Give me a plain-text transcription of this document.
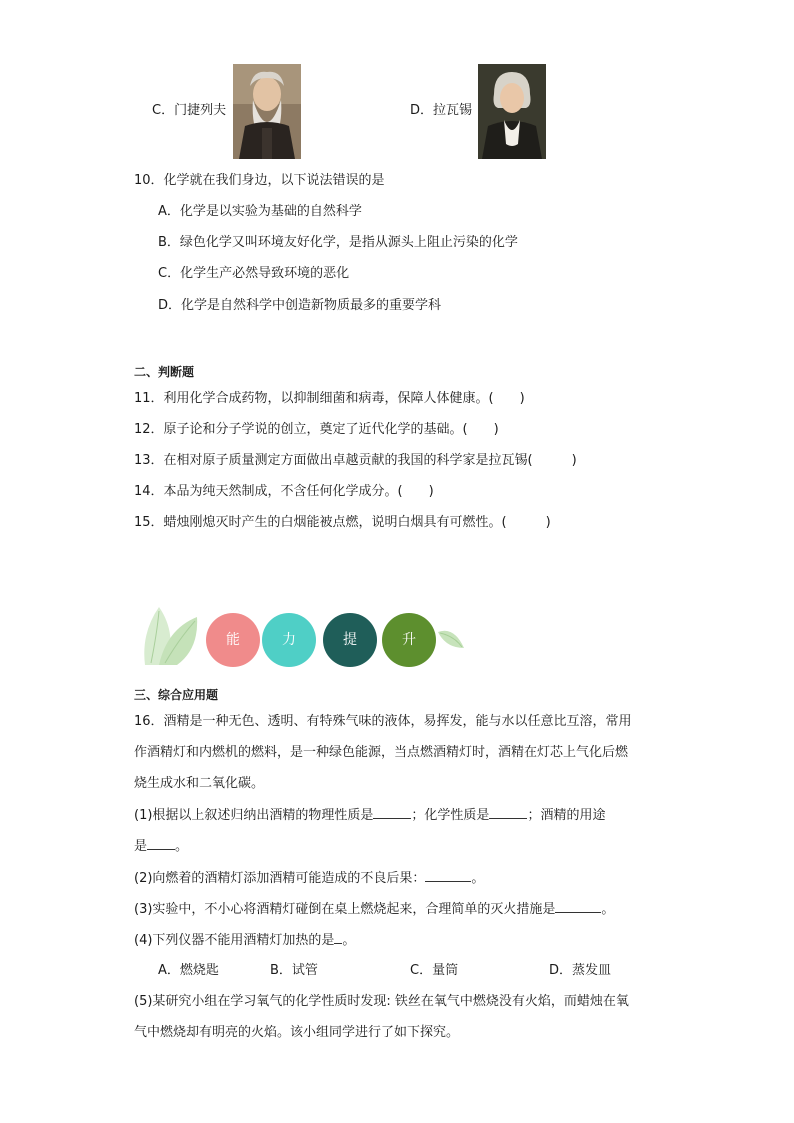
C．门捷列夫	D．拉瓦锡
10．化学就在我们身边，以下说法错误的是
A．化学是以实验为基础的自然科学
B．绿色化学又叫环境友好化学，是指从源头上阻止污染的化学
C．化学生产必然导致环境的恶化
D．化学是自然科学中创造新物质最多的重要学科
二、判断题
11．利用化学合成药物，以抑制细菌和病毒，保障人体健康。(　　)
12．原子论和分子学说的创立，奠定了近代化学的基础。(　　)
13．在相对原子质量测定方面做出卓越贡献的我国的科学家是拉瓦锡(　　　)
14．本品为纯天然制成，不含任何化学成分。(　　)
15．蜡烛刚熄灭时产生的白烟能被点燃，说明白烟具有可燃性。(　　　)
能	力	提	升
三、综合应用题
16．酒精是一种无色、透明、有特殊气味的液体，易挥发，能与水以任意比互溶，常用
作酒精灯和内燃机的燃料，是一种绿色能源，当点燃酒精灯时，酒精在灯芯上气化后燃
烧生成水和二氧化碳。
(1)根据以上叙述归纳出酒精的物理性质是	；化学性质是	；酒精的用途
是 。
(2)向燃着的酒精灯添加酒精可能造成的不良后果：	。
(3)实验中，不小心将酒精灯碰倒在桌上燃烧起来，合理简单的灭火措施是	。
(4)下列仪器不能用酒精灯加热的是 。
A．燃烧匙	B．试管	C．量筒	D．蒸发皿
(5)某研究小组在学习氧气的化学性质时发现: 铁丝在氧气中燃烧没有火焰，而蜡烛在氧
气中燃烧却有明亮的火焰。该小组同学进行了如下探究。
